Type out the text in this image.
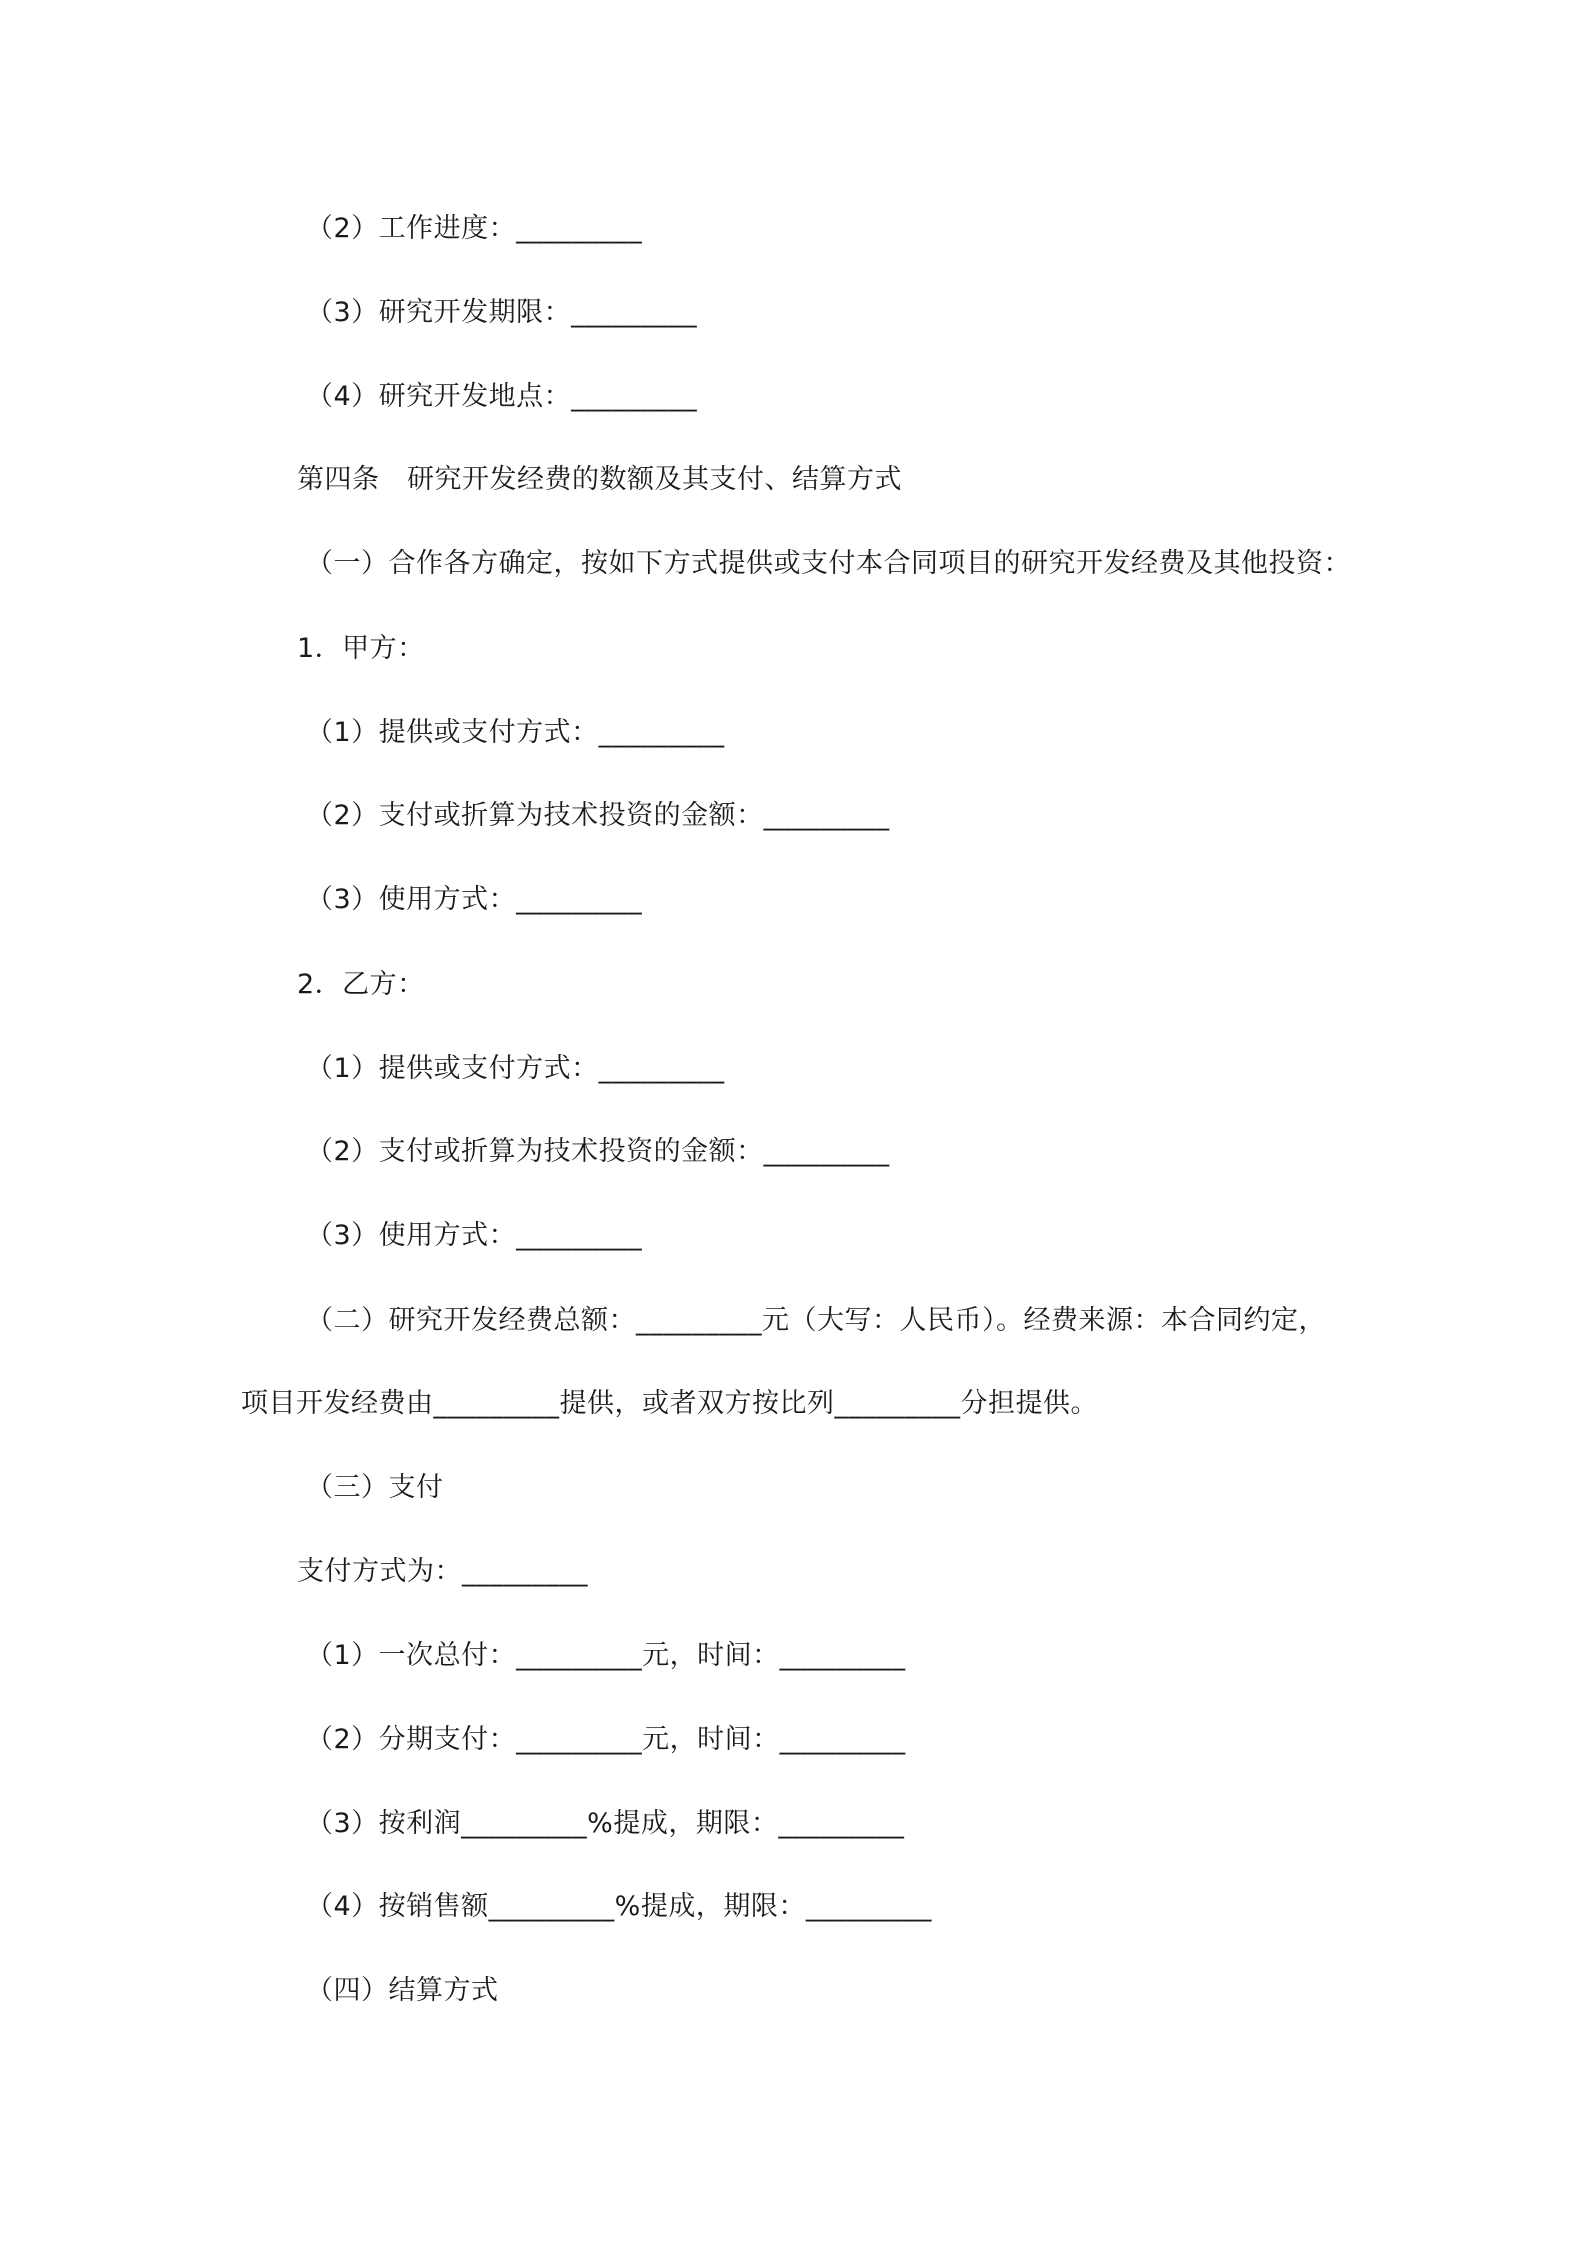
（2）工作进度：_________
（3）研究开发期限：_________
（4）研究开发地点：_________
第四条　研究开发经费的数额及其支付、结算方式
（一）合作各方确定，按如下方式提供或支付本合同项目的研究开发经费及其他投资：
1．甲方：
（1）提供或支付方式：_________
（2）支付或折算为技术投资的金额：_________
（3）使用方式：_________
2．乙方：
（1）提供或支付方式：_________
（2）支付或折算为技术投资的金额：_________
（3）使用方式：_________
（二）研究开发经费总额：_________元（大写：人民币）。经费来源：本合同约定，
项目开发经费由_________提供，或者双方按比列_________分担提供。
（三）支付
支付方式为：_________
（1）一次总付：_________元，时间：_________
（2）分期支付：_________元，时间：_________
（3）按利润_________%提成，期限：_________
（4）按销售额_________%提成，期限：_________
（四）结算方式
